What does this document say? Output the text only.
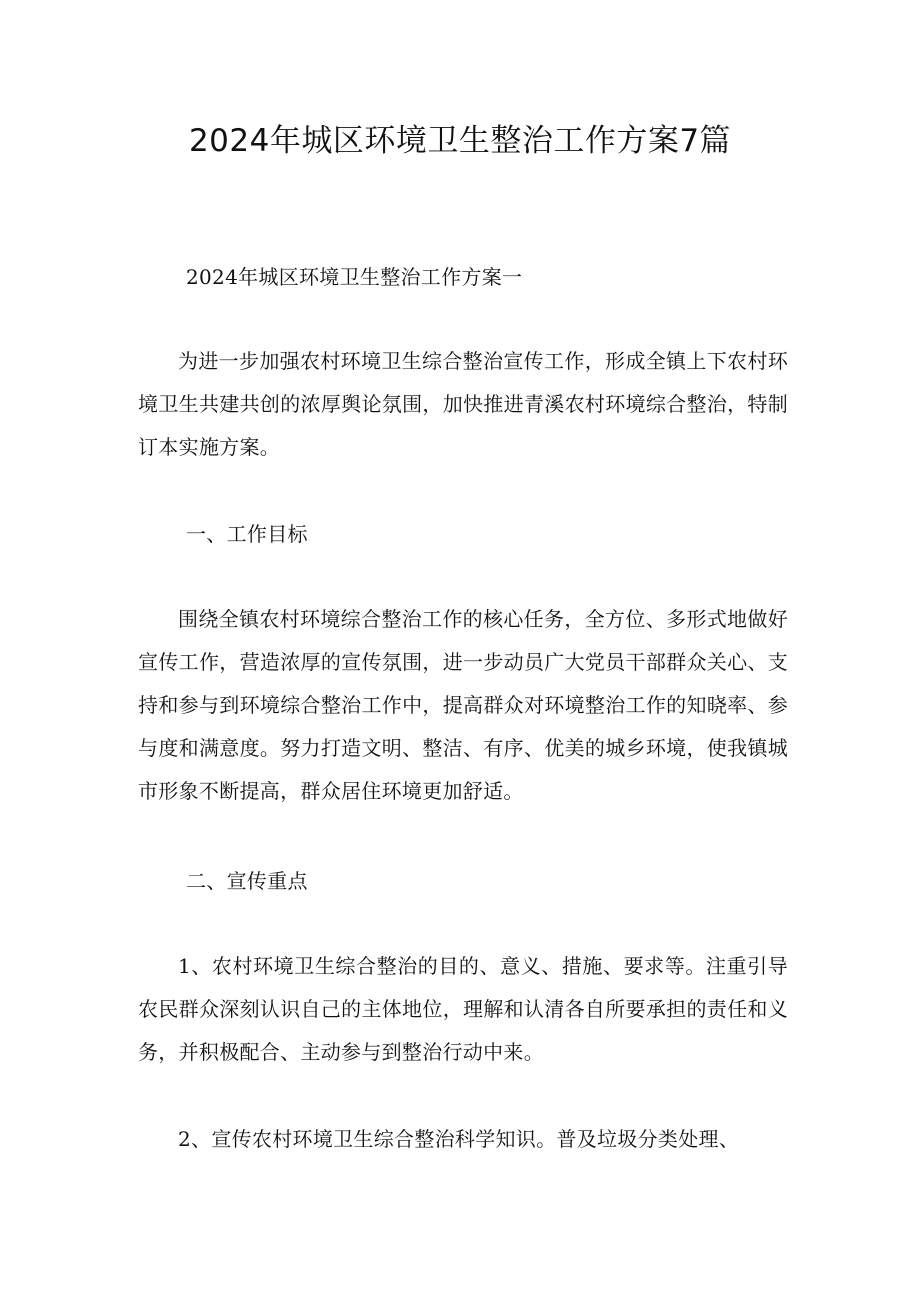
2024年城区环境卫生整治工作方案7篇

2024年城区环境卫生整治工作方案一

为进一步加强农村环境卫生综合整治宣传工作，形成全镇上下农村环境卫生共建共创的浓厚舆论氛围，加快推进青溪农村环境综合整治，特制订本实施方案。

一、工作目标

围绕全镇农村环境综合整治工作的核心任务，全方位、多形式地做好宣传工作，营造浓厚的宣传氛围，进一步动员广大党员干部群众关心、支持和参与到环境综合整治工作中，提高群众对环境整治工作的知晓率、参与度和满意度。努力打造文明、整洁、有序、优美的城乡环境，使我镇城市形象不断提高，群众居住环境更加舒适。

二、宣传重点

1、农村环境卫生综合整治的目的、意义、措施、要求等。注重引导农民群众深刻认识自己的主体地位，理解和认清各自所要承担的责任和义务，并积极配合、主动参与到整治行动中来。

2、宣传农村环境卫生综合整治科学知识。普及垃圾分类处理、
